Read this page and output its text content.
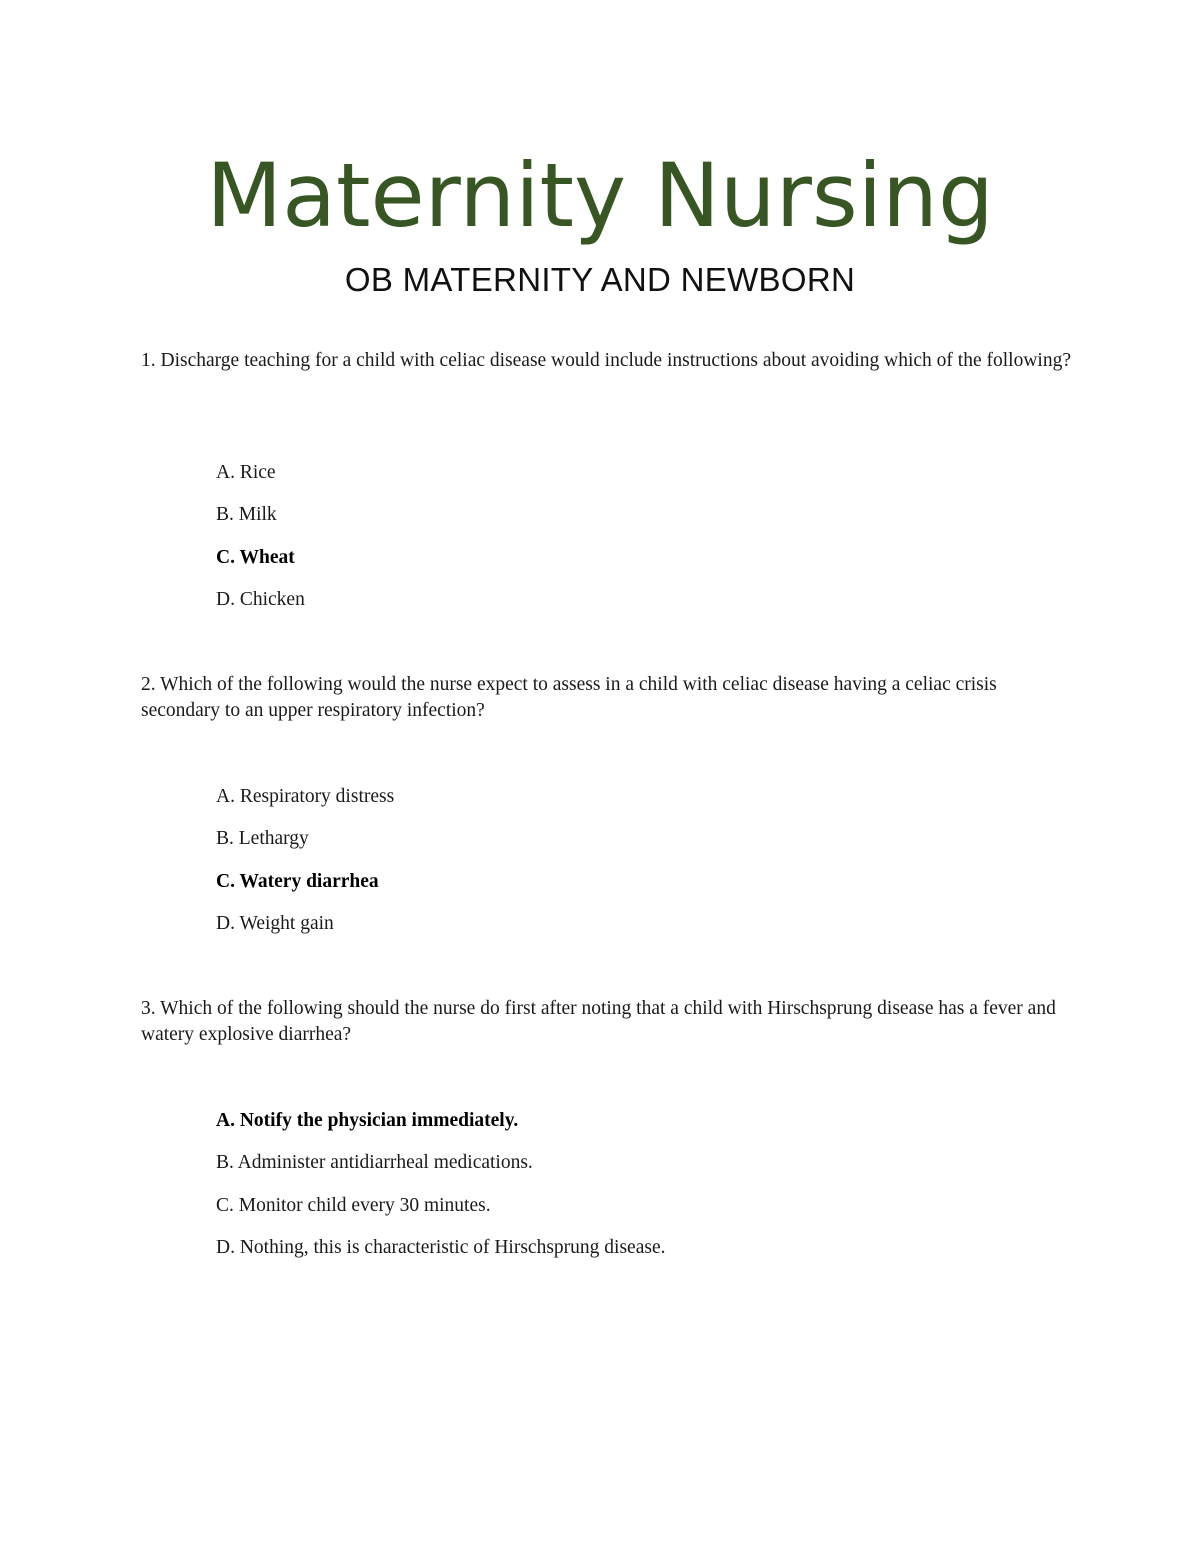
Maternity Nursing
OB MATERNITY AND NEWBORN

1. Discharge teaching for a child with celiac disease would include instructions about avoiding which of the following?

A. Rice
B. Milk
C. Wheat
D. Chicken

2. Which of the following would the nurse expect to assess in a child with celiac disease having a celiac crisis secondary to an upper respiratory infection?

A. Respiratory distress
B. Lethargy
C. Watery diarrhea
D. Weight gain

3. Which of the following should the nurse do first after noting that a child with Hirschsprung disease has a fever and watery explosive diarrhea?

A. Notify the physician immediately.
B. Administer antidiarrheal medications.
C. Monitor child every 30 minutes.
D. Nothing, this is characteristic of Hirschsprung disease.
